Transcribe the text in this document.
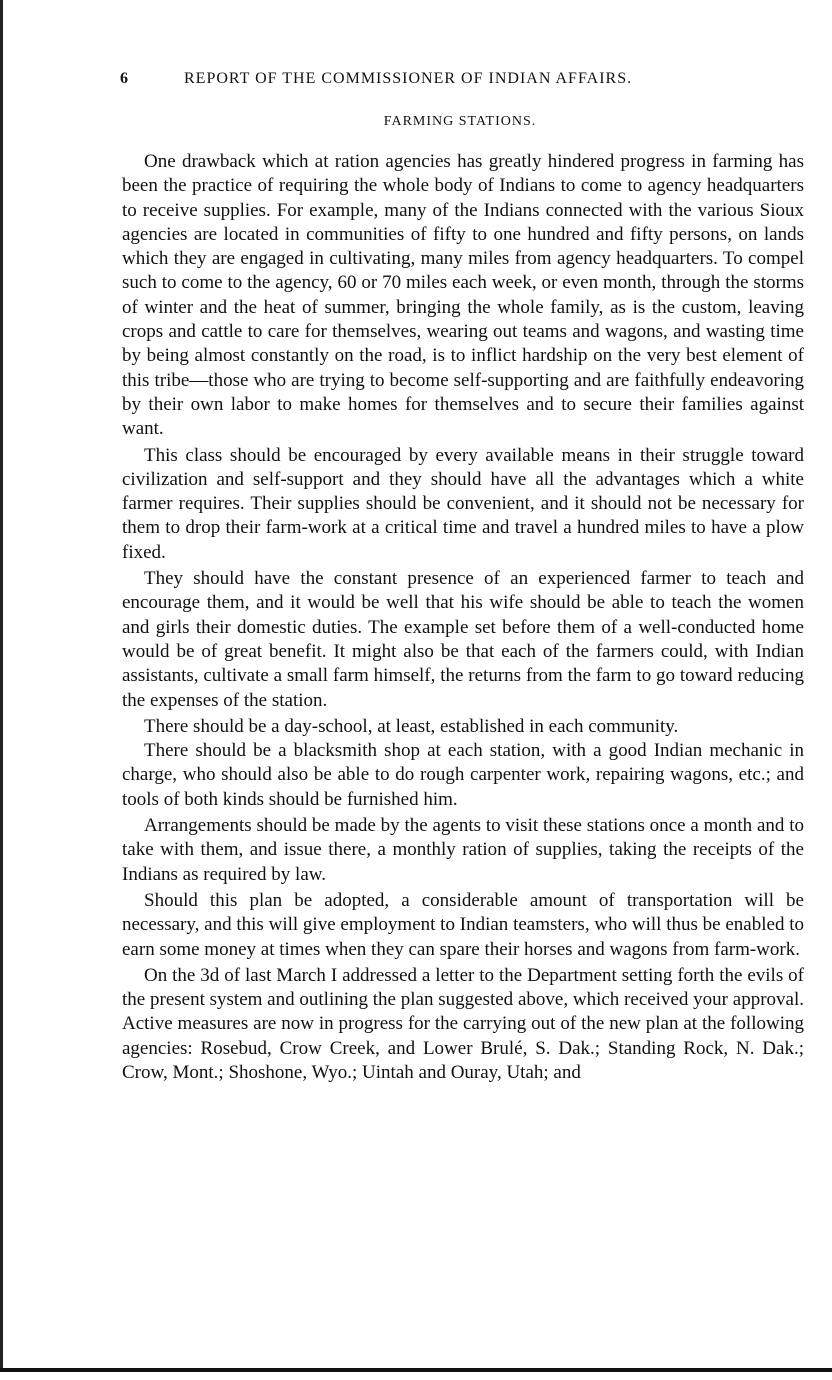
6	REPORT OF THE COMMISSIONER OF INDIAN AFFAIRS.
FARMING STATIONS.

One drawback which at ration agencies has greatly hindered progress in farming has been the practice of requiring the whole body of Indians to come to agency headquarters to receive supplies. For example, many of the Indians connected with the various Sioux agencies are located in communities of fifty to one hundred and fifty persons, on lands which they are engaged in cultivating, many miles from agency headquarters. To compel such to come to the agency, 60 or 70 miles each week, or even month, through the storms of winter and the heat of summer, bringing the whole family, as is the custom, leaving crops and cattle to care for themselves, wearing out teams and wagons, and wasting time by being almost constantly on the road, is to inflict hardship on the very best element of this tribe—those who are trying to become self-supporting and are faithfully endeavoring by their own labor to make homes for themselves and to secure their families against want.

This class should be encouraged by every available means in their struggle toward civilization and self-support and they should have all the advantages which a white farmer requires. Their supplies should be convenient, and it should not be necessary for them to drop their farm-work at a critical time and travel a hundred miles to have a plow fixed.

They should have the constant presence of an experienced farmer to teach and encourage them, and it would be well that his wife should be able to teach the women and girls their domestic duties. The example set before them of a well-conducted home would be of great benefit. It might also be that each of the farmers could, with Indian assistants, cultivate a small farm himself, the returns from the farm to go toward reducing the expenses of the station.

There should be a day-school, at least, established in each community.

There should be a blacksmith shop at each station, with a good Indian mechanic in charge, who should also be able to do rough carpenter work, repairing wagons, etc.; and tools of both kinds should be furnished him.

Arrangements should be made by the agents to visit these stations once a month and to take with them, and issue there, a monthly ration of supplies, taking the receipts of the Indians as required by law.

Should this plan be adopted, a considerable amount of transportation will be necessary, and this will give employment to Indian teamsters, who will thus be enabled to earn some money at times when they can spare their horses and wagons from farm-work.

On the 3d of last March I addressed a letter to the Department setting forth the evils of the present system and outlining the plan suggested above, which received your approval. Active measures are now in progress for the carrying out of the new plan at the following agencies: Rosebud, Crow Creek, and Lower Brulé, S. Dak.; Standing Rock, N. Dak.; Crow, Mont.; Shoshone, Wyo.; Uintah and Ouray, Utah; and
